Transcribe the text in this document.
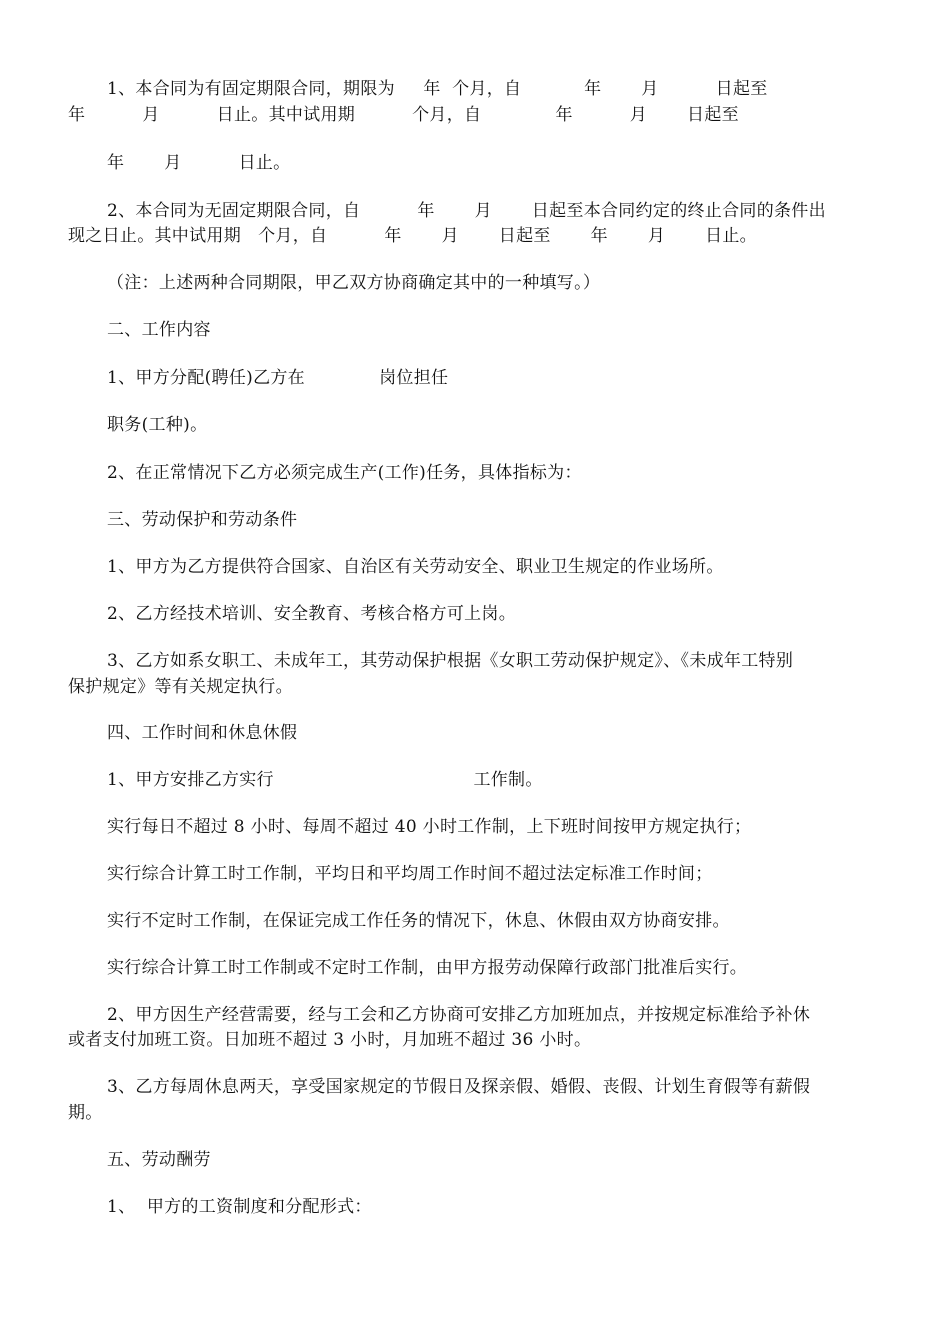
1、本合同为有固定期限合同，期限为     年  个月，自           年       月          日起至
年          月          日止。其中试用期          个月，自             年          月       日起至
年       月          日止。
2、本合同为无固定期限合同，自          年       月       日起至本合同约定的终止合同的条件出
现之日止。其中试用期   个月，自          年       月       日起至       年       月       日止。
（注：上述两种合同期限，甲乙双方协商确定其中的一种填写。）
二、工作内容
1、甲方分配(聘任)乙方在             岗位担任
职务(工种)。
2、在正常情况下乙方必须完成生产(工作)任务，具体指标为：
三、劳动保护和劳动条件
1、甲方为乙方提供符合国家、自治区有关劳动安全、职业卫生规定的作业场所。
2、乙方经技术培训、安全教育、考核合格方可上岗。
3、乙方如系女职工、未成年工，其劳动保护根据《女职工劳动保护规定》、《未成年工特别
保护规定》等有关规定执行。
四、工作时间和休息休假
1、甲方安排乙方实行                                   工作制。
实行每日不超过 8 小时、每周不超过 40 小时工作制，上下班时间按甲方规定执行；
实行综合计算工时工作制，平均日和平均周工作时间不超过法定标准工作时间；
实行不定时工作制，在保证完成工作任务的情况下，休息、休假由双方协商安排。
实行综合计算工时工作制或不定时工作制，由甲方报劳动保障行政部门批准后实行。
2、甲方因生产经营需要，经与工会和乙方协商可安排乙方加班加点，并按规定标准给予补休
或者支付加班工资。日加班不超过 3 小时，月加班不超过 36 小时。
3、乙方每周休息两天，享受国家规定的节假日及探亲假、婚假、丧假、计划生育假等有薪假
期。
五、劳动酬劳
1、  甲方的工资制度和分配形式：
